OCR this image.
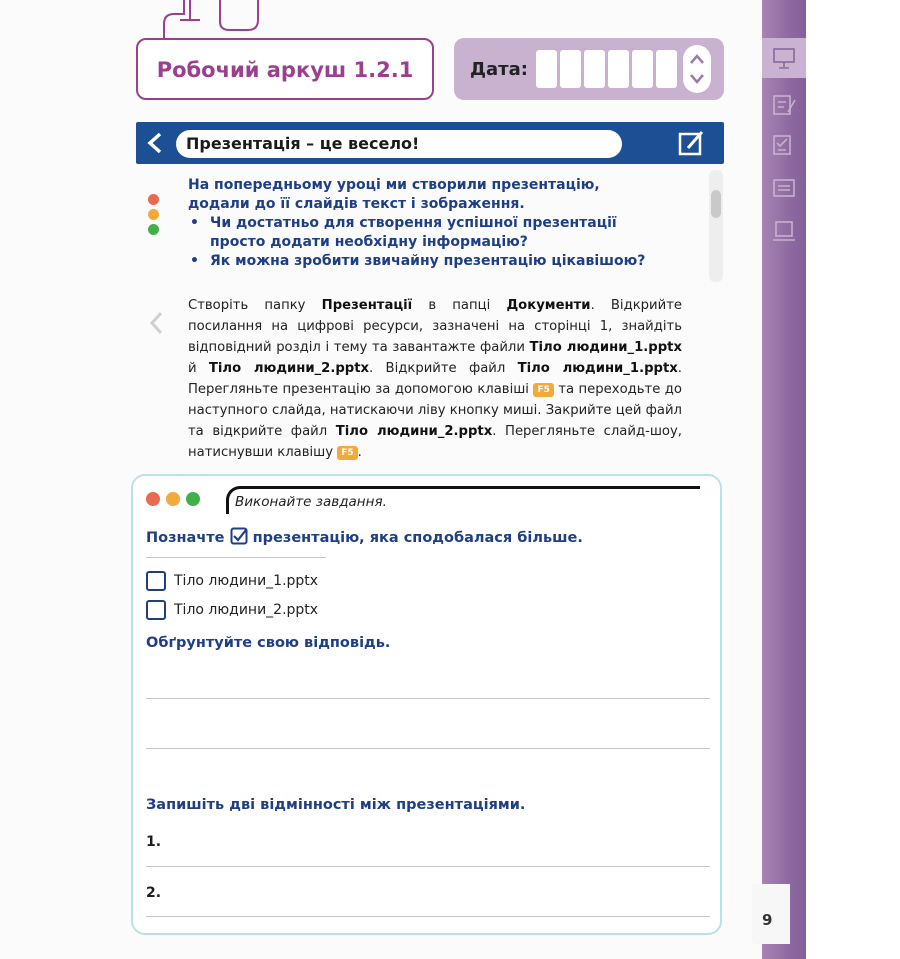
Робочий аркуш 1.2.1	Дата:
Презентація – це весело!
На попередньому уроці ми створили презентацію,
додали до її слайдів текст і зображення.
• Чи достатньо для створення успішної презентації
просто додати необхідну інформацію?
• Як можна зробити звичайну презентацію цікавішою?
Створіть папку Презентації в папці Документи. Відкрийте посилання на цифрові ресурси, зазначені на сторінці 1, знайдіть відповідний розділ і тему та завантажте файли Тіло людини_1.pptx й Тіло людини_2.pptx. Відкрийте файл Тіло людини_1.pptx. Перегляньте презентацію за допомогою клавіші F5 та переходьте до наступного слайда, натискаючи ліву кнопку миші. Закрийте цей файл та відкрийте файл Тіло людини_2.pptx. Перегляньте слайд-шоу, натиснувши клавішу F5 .
Виконайте завдання.
Позначте презентацію, яка сподобалася більше.
Тіло людини_1.pptx
Тіло людини_2.pptx
Обґрунтуйте свою відповідь.
Запишіть дві відмінності між презентаціями.
1.
2.
9
